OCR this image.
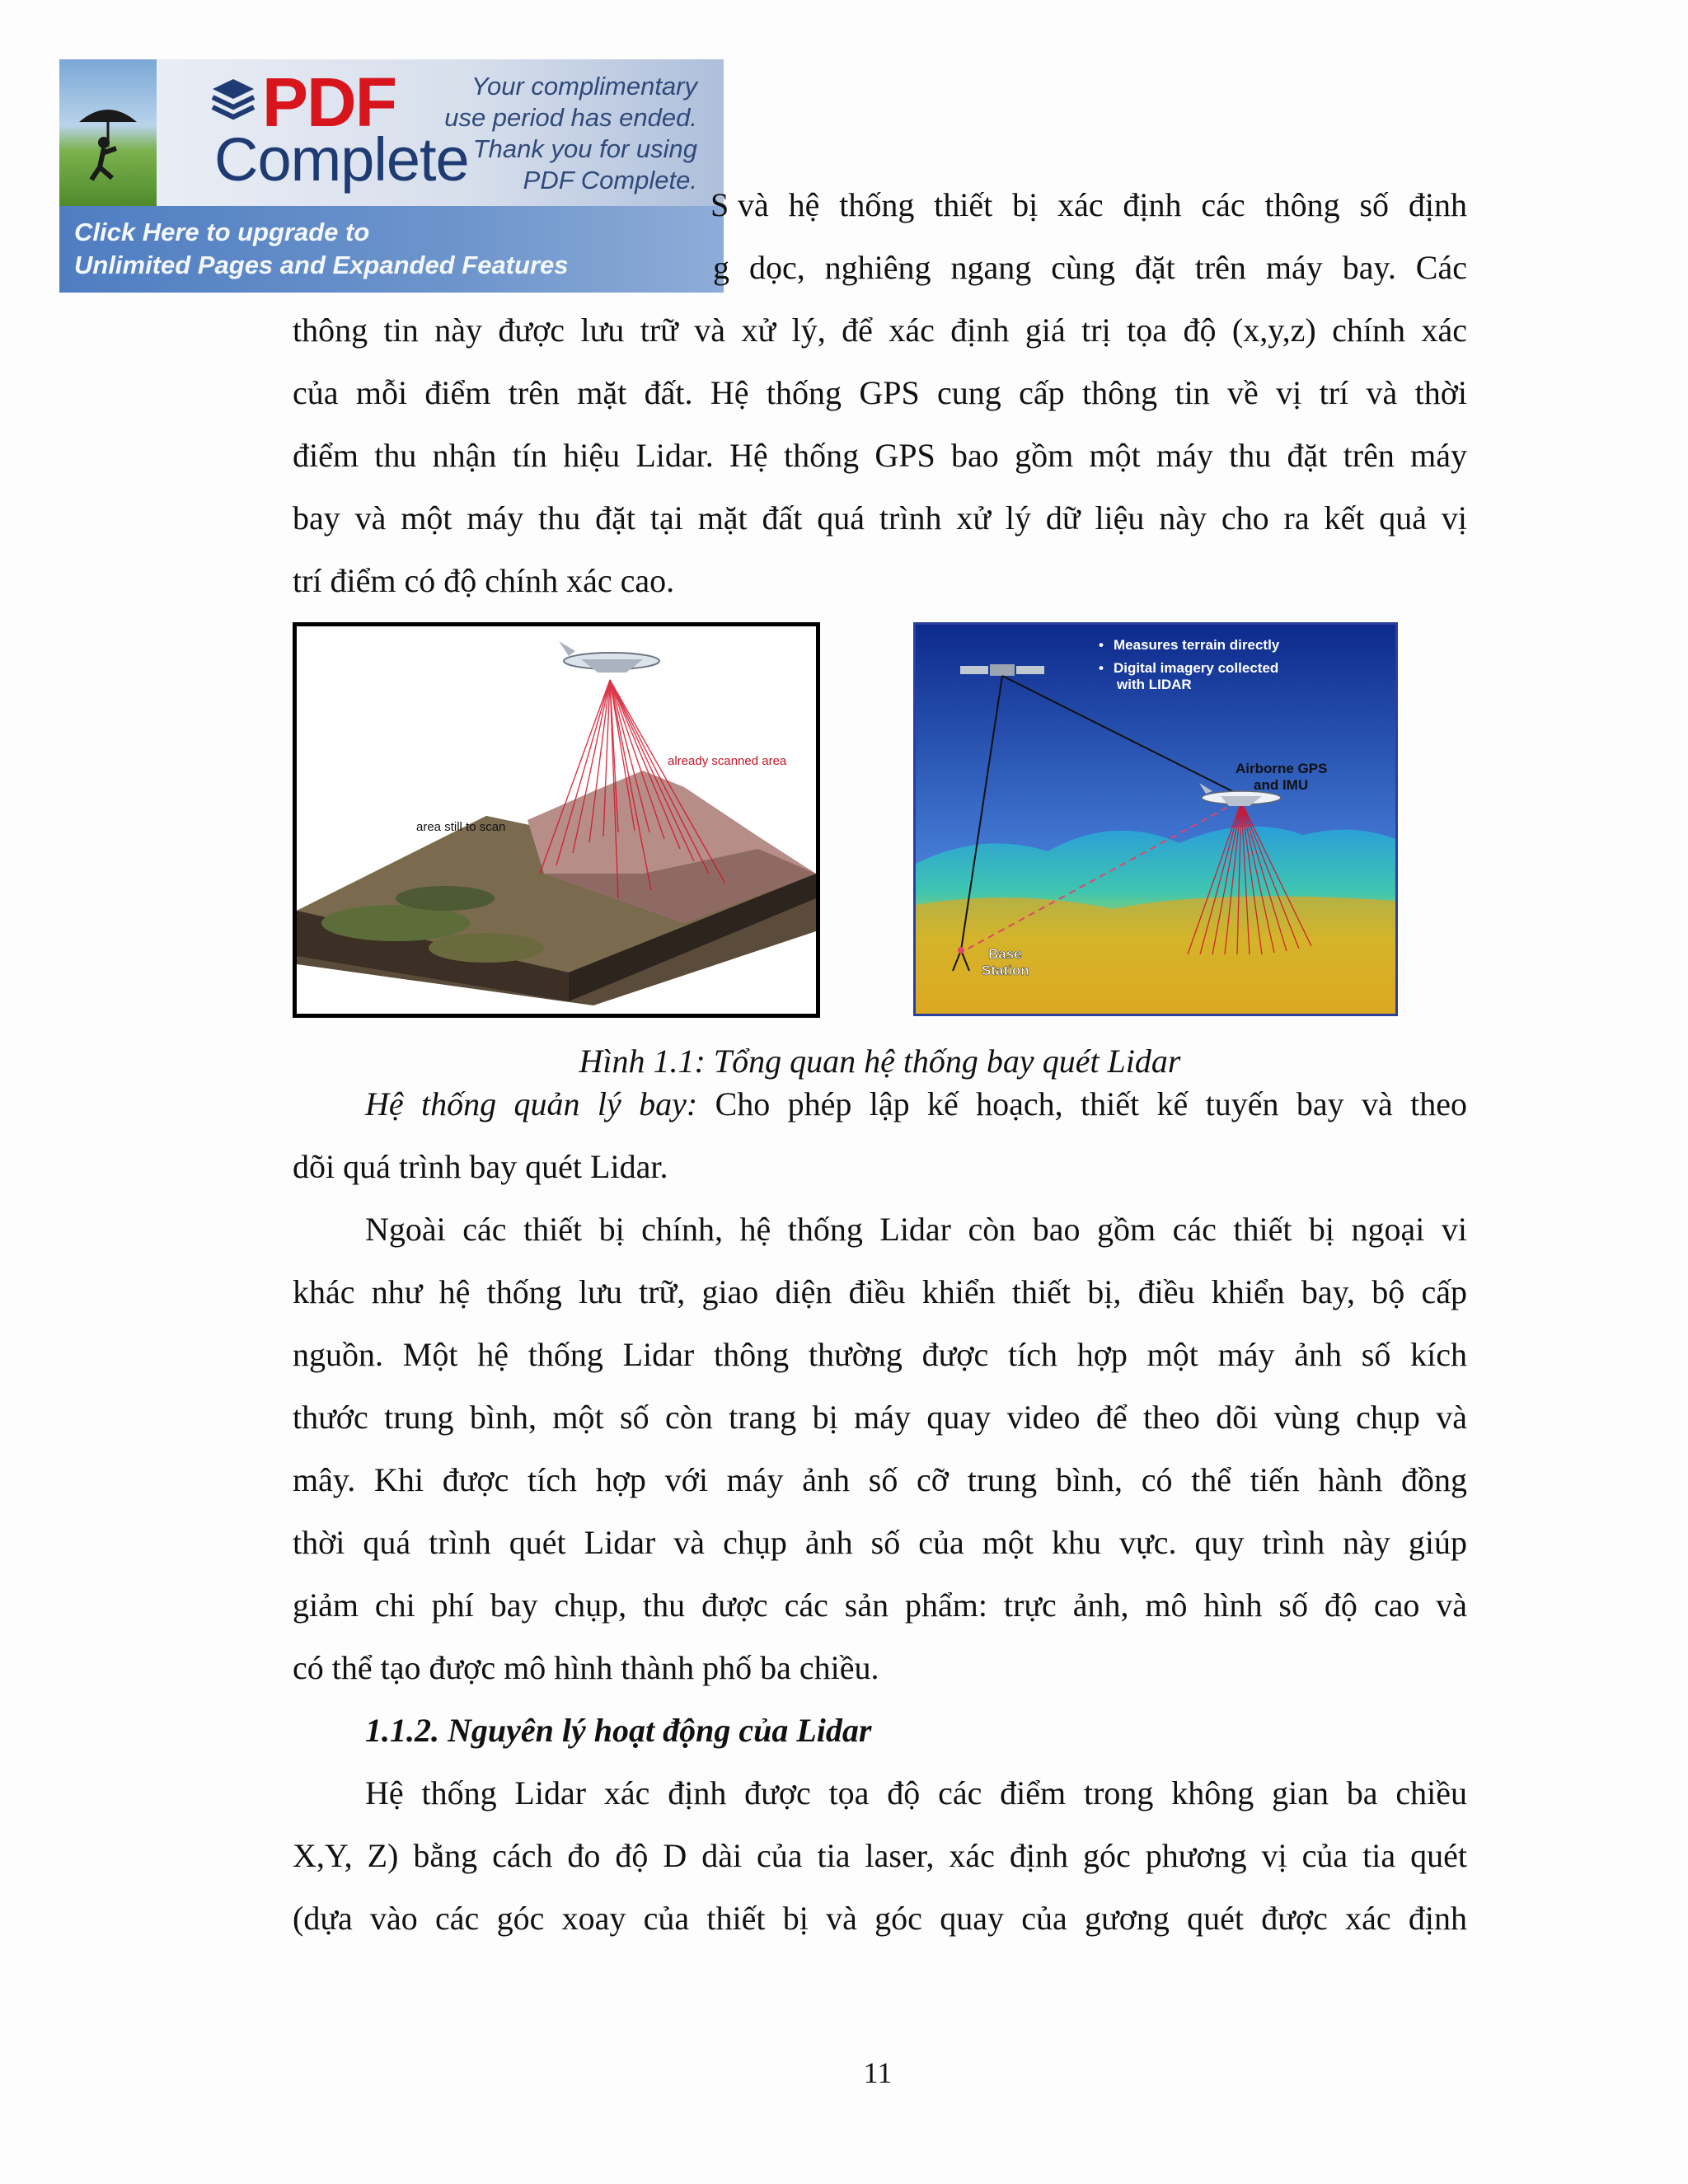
PDF
Complete
Your complimentary
use period has ended.
Thank you for using
PDF Complete.
Click Here to upgrade to
Unlimited Pages and Expanded Features
S và hệ thống thiết bị xác định các thông số định
g dọc, nghiêng ngang cùng đặt trên máy bay. Các
thông tin này được lưu trữ và xử lý, để xác định giá trị tọa độ (x,y,z) chính xác
của mỗi điểm trên mặt đất. Hệ thống GPS cung cấp thông tin về vị trí và thời
điểm thu nhận tín hiệu Lidar. Hệ thống GPS bao gồm một máy thu đặt trên máy
bay và một máy thu đặt tại mặt đất quá trình xử lý dữ liệu này cho ra kết quả vị
trí điểm có độ chính xác cao.
already scanned area
area still to scan
• Measures terrain directly
• Digital imagery collected
with LIDAR
Airborne GPS
and IMU
Base
Station

Hình 1.1: Tổng quan hệ thống bay quét Lidar

Hệ thống quản lý bay: Cho phép lập kế hoạch, thiết kế tuyến bay và theo
dõi quá trình bay quét Lidar.
Ngoài các thiết bị chính, hệ thống Lidar còn bao gồm các thiết bị ngoại vi
khác như hệ thống lưu trữ, giao diện điều khiển thiết bị, điều khiển bay, bộ cấp
nguồn. Một hệ thống Lidar thông thường được tích hợp một máy ảnh số kích
thước trung bình, một số còn trang bị máy quay video để theo dõi vùng chụp và
mây. Khi được tích hợp với máy ảnh số cỡ trung bình, có thể tiến hành đồng
thời quá trình quét Lidar và chụp ảnh số của một khu vực. quy trình này giúp
giảm chi phí bay chụp, thu được các sản phẩm: trực ảnh, mô hình số độ cao và
có thể tạo được mô hình thành phố ba chiều.
1.1.2. Nguyên lý hoạt động của Lidar
Hệ thống Lidar xác định được tọa độ các điểm trong không gian ba chiều
X,Y, Z) bằng cách đo độ D dài của tia laser, xác định góc phương vị của tia quét
(dựa vào các góc xoay của thiết bị và góc quay của gương quét được xác định
11
